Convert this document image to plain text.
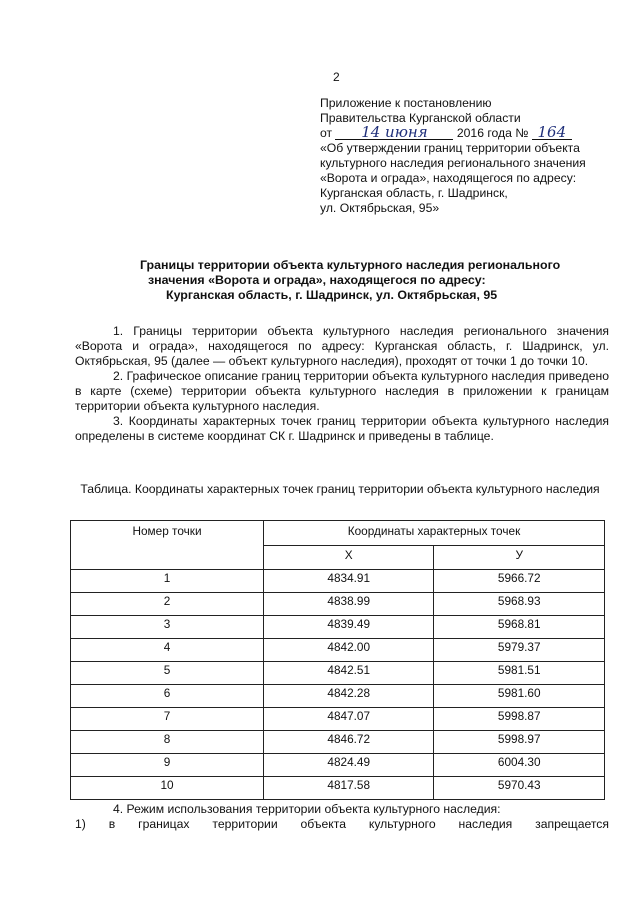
2
Приложение к постановлению
Правительства Курганской области
от 14 июня 2016 года № 164
«Об утверждении границ территории объекта
культурного наследия регионального значения
«Ворота и ограда», находящегося по адресу:
Курганская область, г. Шадринск,
ул. Октябрьская, 95»
Границы территории объекта культурного наследия регионального
значения «Ворота и ограда», находящегося по адресу:
Курганская область, г. Шадринск, ул. Октябрьская, 95

1. Границы территории объекта культурного наследия регионального значения «Ворота и ограда», находящегося по адресу: Курганская область, г. Шадринск, ул. Октябрьская, 95 (далее — объект культурного наследия), проходят от точки 1 до точки 10.

2. Графическое описание границ территории объекта культурного наследия приведено в карте (схеме) территории объекта культурного наследия в приложении к границам территории объекта культурного наследия.

3. Координаты характерных точек границ территории объекта культурного наследия определены в системе координат СК г. Шадринск и приведены в таблице.

Таблица. Координаты характерных точек границ территории объекта культурного наследия
Номер точки	Координаты характерных точек	
	Х	У
1	4834.91	5966.72
2	4838.99	5968.93
3	4839.49	5968.81
4	4842.00	5979.37
5	4842.51	5981.51
6	4842.28	5981.60
7	4847.07	5998.87
8	4846.72	5998.97
9	4824.49	6004.30
10	4817.58	5970.43

4. Режим использования территории объекта культурного наследия:

1) в границах территории объекта культурного наследия запрещается
